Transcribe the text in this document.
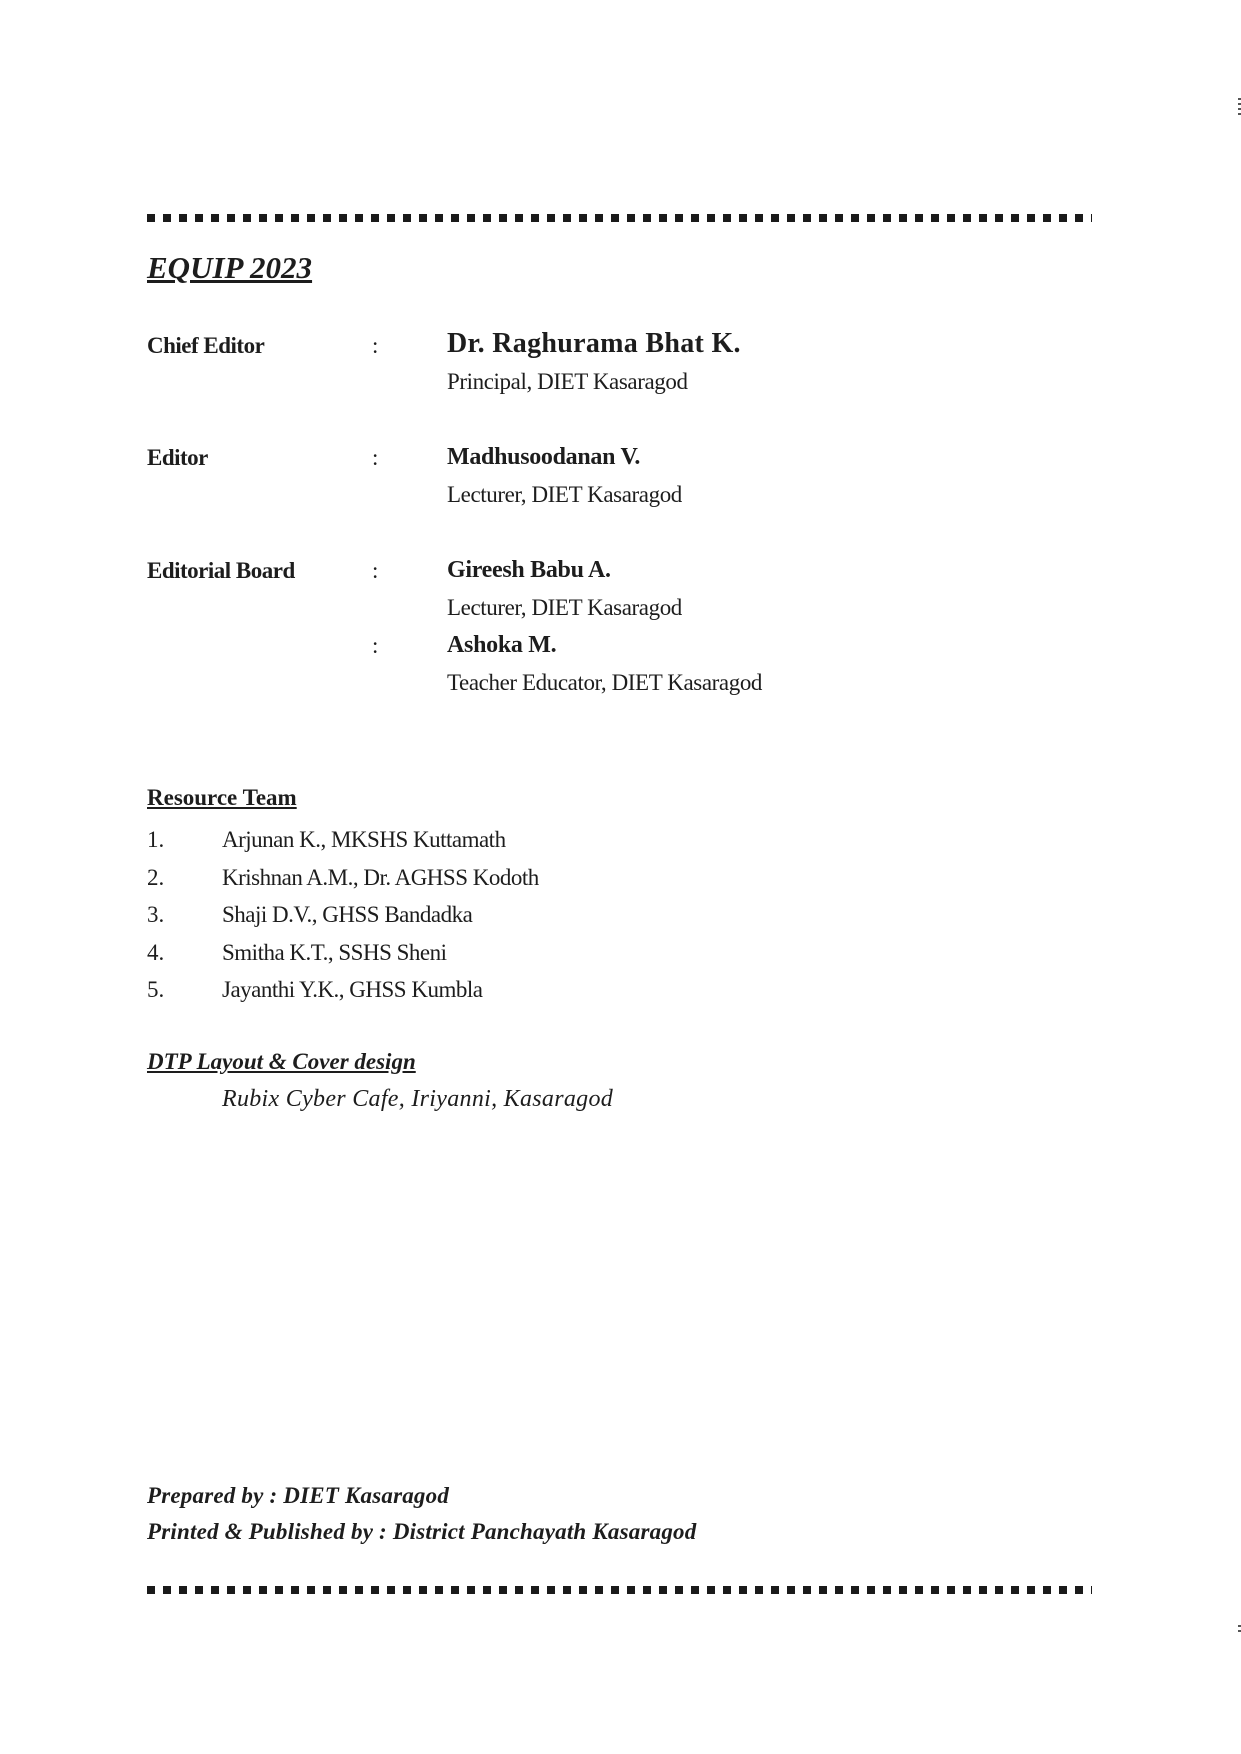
EQUIP 2023
Chief Editor	: Dr. Raghurama Bhat K.
Principal, DIET Kasaragod
Editor	:	Madhusoodanan V.
Lecturer, DIET Kasaragod
Editorial Board	:	Gireesh Babu A.
Lecturer, DIET Kasaragod
:	Ashoka M.
Teacher Educator, DIET Kasaragod
Resource Team
1.	Arjunan K., MKSHS Kuttamath
2.	Krishnan A.M., Dr. AGHSS Kodoth
3.	Shaji D.V., GHSS Bandadka
4.	Smitha K.T., SSHS Sheni
5.	Jayanthi Y.K., GHSS Kumbla
DTP Layout & Cover design
Rubix Cyber Cafe, Iriyanni, Kasaragod
Prepared by : DIET Kasaragod
Printed & Published by : District Panchayath Kasaragod
